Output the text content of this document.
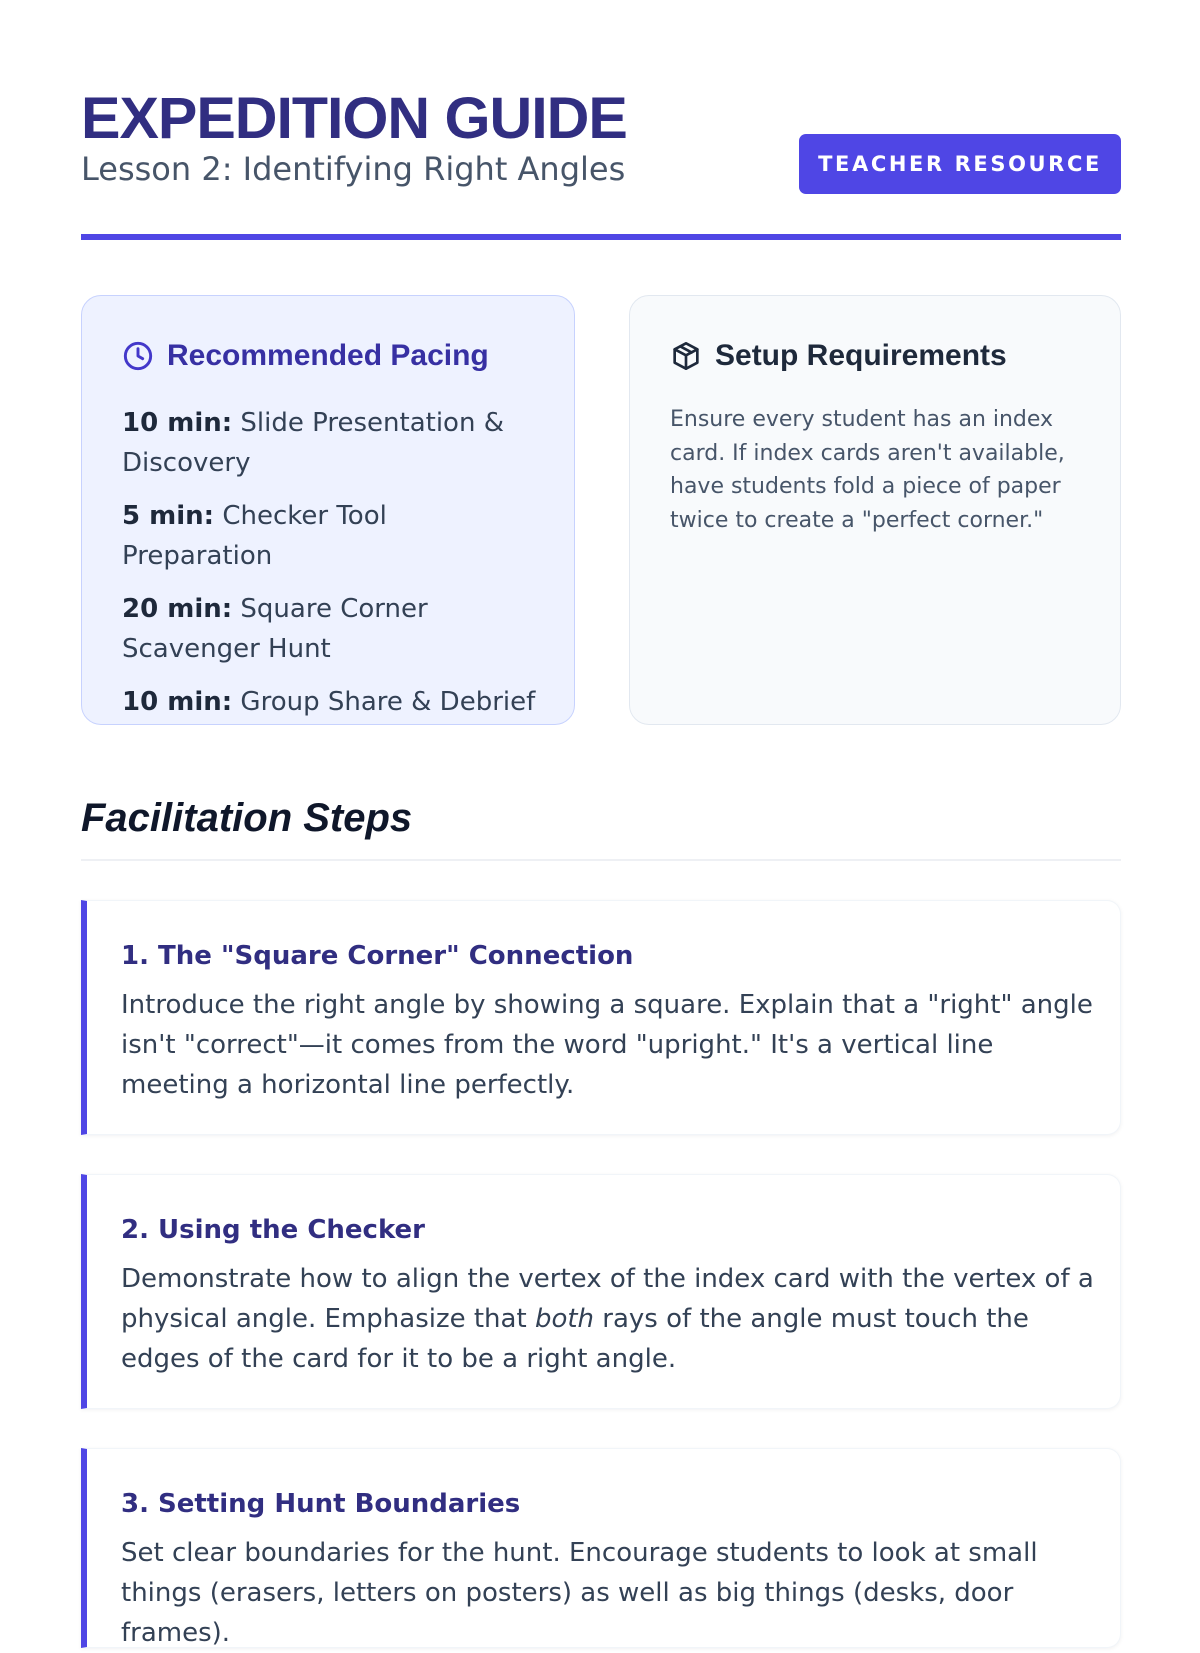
EXPEDITION GUIDE
Lesson 2: Identifying Right Angles	TEACHER RESOURCE
Recommended Pacing
10 min: Slide Presentation & Discovery
5 min: Checker Tool Preparation
20 min: Square Corner Scavenger Hunt
10 min: Group Share & Debrief
Setup Requirements

Ensure every student has an index card. If index cards aren't available, have students fold a piece of paper twice to create a "perfect corner."

Facilitation Steps
1. The "Square Corner" Connection

Introduce the right angle by showing a square. Explain that a "right" angle isn't "correct"—it comes from the word "upright." It's a vertical line meeting a horizontal line perfectly.

2. Using the Checker

Demonstrate how to align the vertex of the index card with the vertex of a physical angle. Emphasize that both rays of the angle must touch the edges of the card for it to be a right angle.

3. Setting Hunt Boundaries

Set clear boundaries for the hunt. Encourage students to look at small things (erasers, letters on posters) as well as big things (desks, door frames).
